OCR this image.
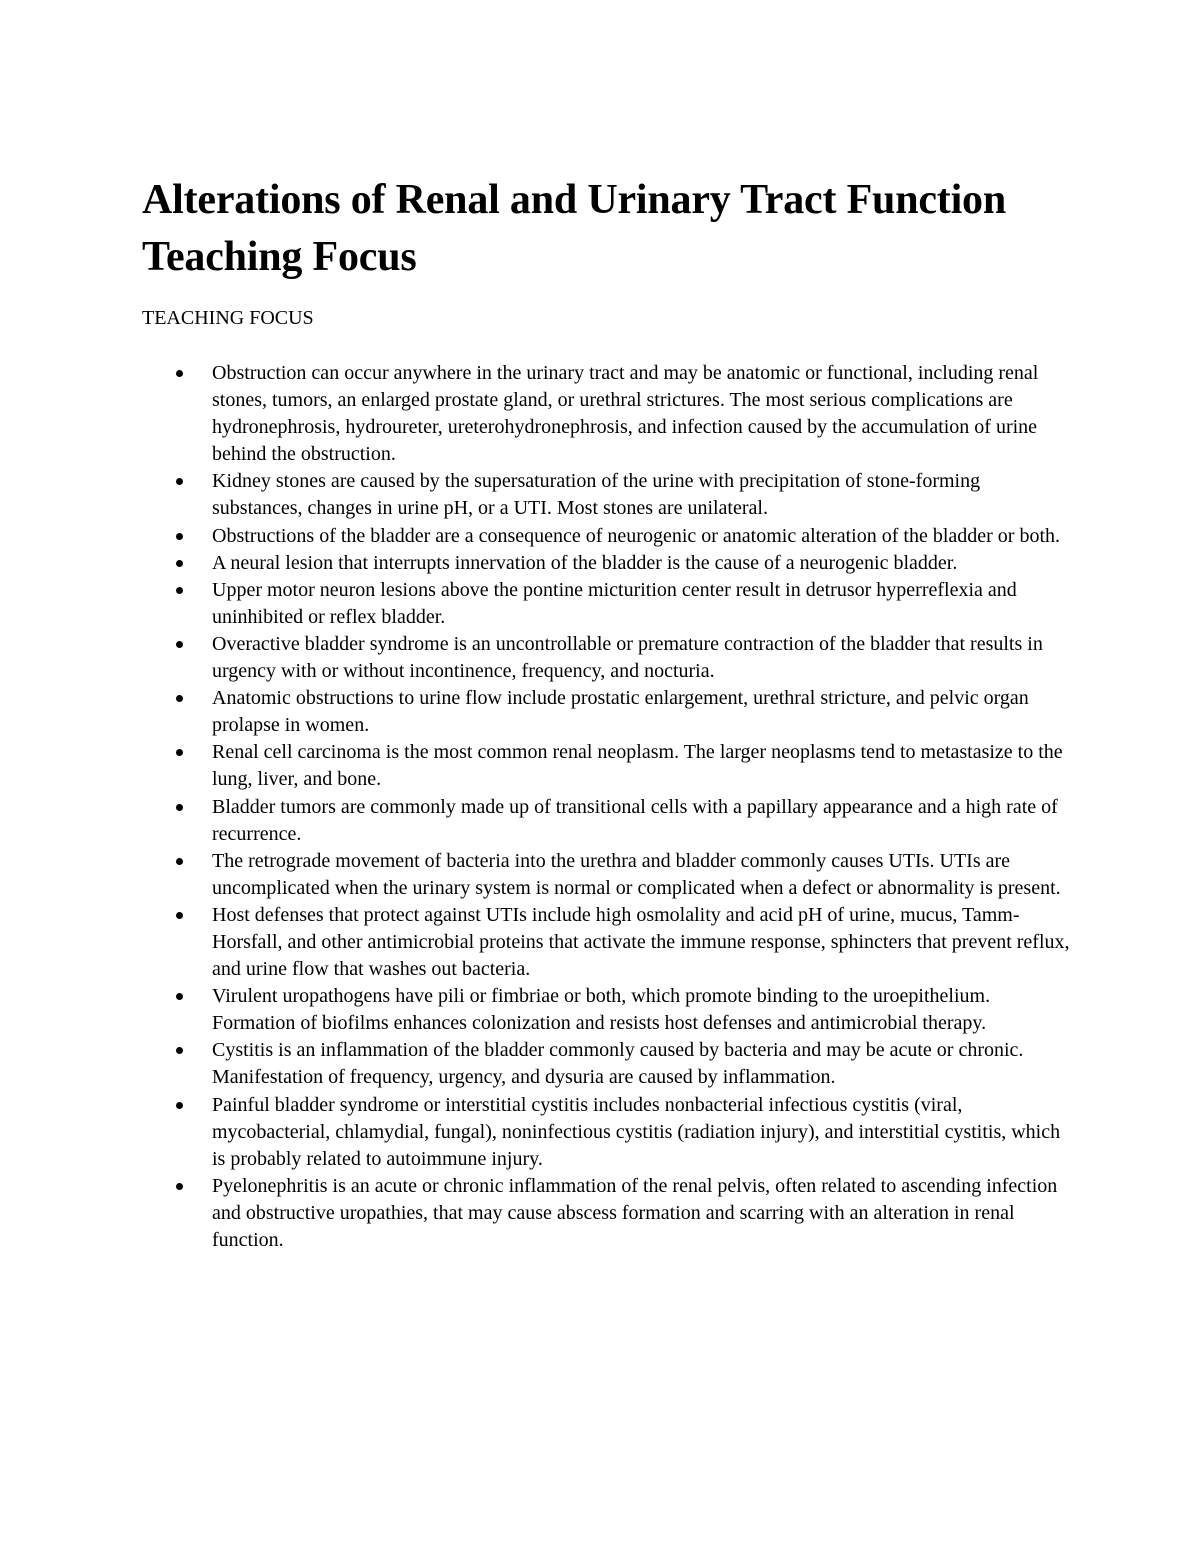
Alterations of Renal and Urinary Tract Function Teaching Focus

TEACHING FOCUS

Obstruction can occur anywhere in the urinary tract and may be anatomic or functional, including renal stones, tumors, an enlarged prostate gland, or urethral strictures. The most serious complications are hydronephrosis, hydroureter, ureterohydronephrosis, and infection caused by the accumulation of urine behind the obstruction.
Kidney stones are caused by the supersaturation of the urine with precipitation of stone-forming substances, changes in urine pH, or a UTI. Most stones are unilateral.
Obstructions of the bladder are a consequence of neurogenic or anatomic alteration of the bladder or both.
A neural lesion that interrupts innervation of the bladder is the cause of a neurogenic bladder.
Upper motor neuron lesions above the pontine micturition center result in detrusor hyperreflexia and uninhibited or reflex bladder.
Overactive bladder syndrome is an uncontrollable or premature contraction of the bladder that results in urgency with or without incontinence, frequency, and nocturia.
Anatomic obstructions to urine flow include prostatic enlargement, urethral stricture, and pelvic organ prolapse in women.
Renal cell carcinoma is the most common renal neoplasm. The larger neoplasms tend to metastasize to the lung, liver, and bone.
Bladder tumors are commonly made up of transitional cells with a papillary appearance and a high rate of recurrence.
The retrograde movement of bacteria into the urethra and bladder commonly causes UTIs. UTIs are uncomplicated when the urinary system is normal or complicated when a defect or abnormality is present.
Host defenses that protect against UTIs include high osmolality and acid pH of urine, mucus, Tamm-Horsfall, and other antimicrobial proteins that activate the immune response, sphincters that prevent reflux, and urine flow that washes out bacteria.
Virulent uropathogens have pili or fimbriae or both, which promote binding to the uroepithelium. Formation of biofilms enhances colonization and resists host defenses and antimicrobial therapy.
Cystitis is an inflammation of the bladder commonly caused by bacteria and may be acute or chronic. Manifestation of frequency, urgency, and dysuria are caused by inflammation.
Painful bladder syndrome or interstitial cystitis includes nonbacterial infectious cystitis (viral, mycobacterial, chlamydial, fungal), noninfectious cystitis (radiation injury), and interstitial cystitis, which is probably related to autoimmune injury.
Pyelonephritis is an acute or chronic inflammation of the renal pelvis, often related to ascending infection and obstructive uropathies, that may cause abscess formation and scarring with an alteration in renal function.
